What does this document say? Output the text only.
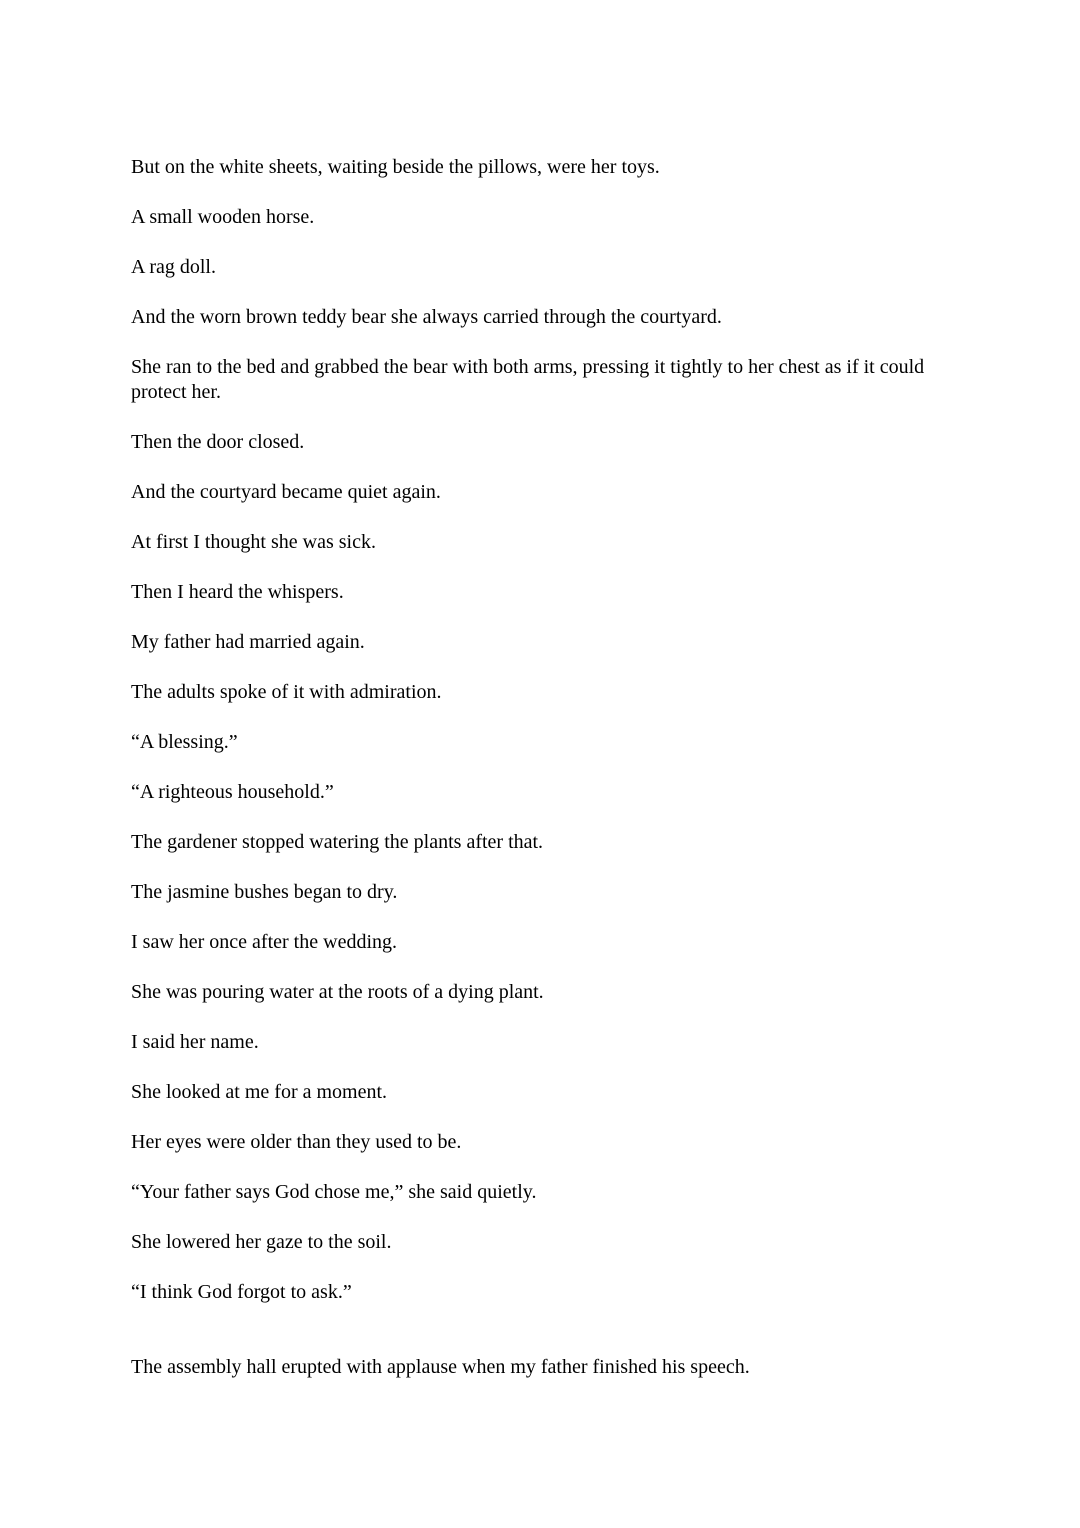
But on the white sheets, waiting beside the pillows, were her toys.

A small wooden horse.

A rag doll.

And the worn brown teddy bear she always carried through the courtyard.

She ran to the bed and grabbed the bear with both arms, pressing it tightly to her chest as if it could protect her.

Then the door closed.

And the courtyard became quiet again.

At first I thought she was sick.

Then I heard the whispers.

My father had married again.

The adults spoke of it with admiration.

“A blessing.”

“A righteous household.”

The gardener stopped watering the plants after that.

The jasmine bushes began to dry.

I saw her once after the wedding.

She was pouring water at the roots of a dying plant.

I said her name.

She looked at me for a moment.

Her eyes were older than they used to be.

“Your father says God chose me,” she said quietly.

She lowered her gaze to the soil.

“I think God forgot to ask.”

The assembly hall erupted with applause when my father finished his speech.
